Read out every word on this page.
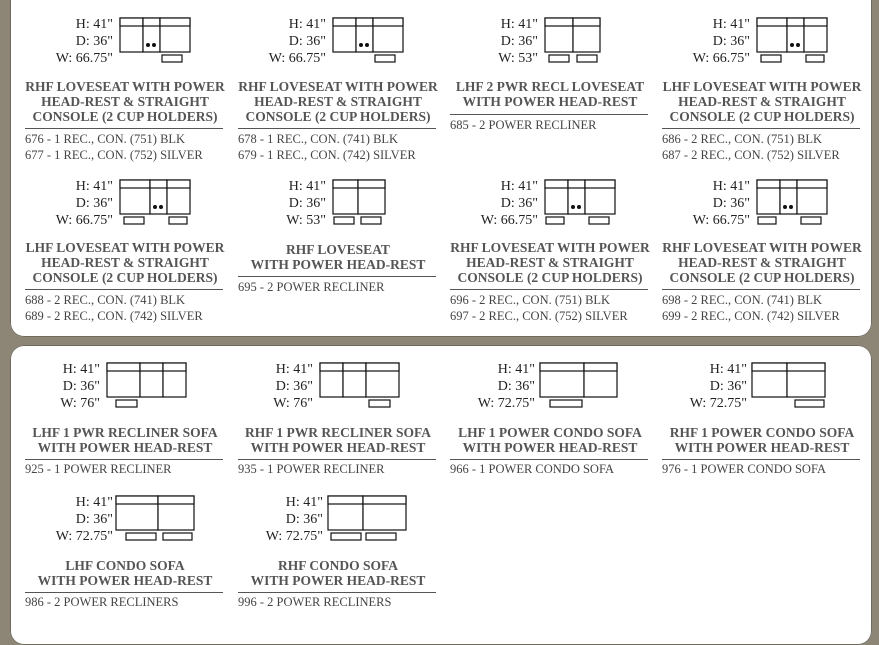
H: 41"
D: 36"
W: 66.75"
RHF LOVESEAT WITH POWER
HEAD-REST & STRAIGHT
CONSOLE (2 CUP HOLDERS)
676 - 1 REC., CON. (751) BLK
677 - 1 REC., CON. (752) SILVER
H: 41"
D: 36"
W: 66.75"
RHF LOVESEAT WITH POWER
HEAD-REST & STRAIGHT
CONSOLE (2 CUP HOLDERS)
678 - 1 REC., CON. (741) BLK
679 - 1 REC., CON. (742) SILVER
H: 41"
D: 36"
W: 53"
LHF 2 PWR RECL LOVESEAT
WITH POWER HEAD-REST
685 - 2 POWER RECLINER
H: 41"
D: 36"
W: 66.75"
LHF LOVESEAT WITH POWER
HEAD-REST & STRAIGHT
CONSOLE (2 CUP HOLDERS)
686 - 2 REC., CON. (751) BLK
687 - 2 REC., CON. (752) SILVER
H: 41"
D: 36"
W: 66.75"
LHF LOVESEAT WITH POWER
HEAD-REST & STRAIGHT
CONSOLE (2 CUP HOLDERS)
688 - 2 REC., CON. (741) BLK
689 - 2 REC., CON. (742) SILVER
H: 41"
D: 36"
W: 53"
RHF LOVESEAT
WITH POWER HEAD-REST
695 - 2 POWER RECLINER
H: 41"
D: 36"
W: 66.75"
RHF LOVESEAT WITH POWER
HEAD-REST & STRAIGHT
CONSOLE (2 CUP HOLDERS)
696 - 2 REC., CON. (751) BLK
697 - 2 REC., CON. (752) SILVER
H: 41"
D: 36"
W: 66.75"
RHF LOVESEAT WITH POWER
HEAD-REST & STRAIGHT
CONSOLE (2 CUP HOLDERS)
698 - 2 REC., CON. (741) BLK
699 - 2 REC., CON. (742) SILVER
H: 41"
D: 36"
W: 76"
LHF 1 PWR RECLINER SOFA
WITH POWER HEAD-REST
925 - 1 POWER RECLINER
H: 41"
D: 36"
W: 76"
RHF 1 PWR RECLINER SOFA
WITH POWER HEAD-REST
935 - 1 POWER RECLINER
H: 41"
D: 36"
W: 72.75"
LHF 1 POWER CONDO SOFA
WITH POWER HEAD-REST
966 - 1 POWER CONDO SOFA
H: 41"
D: 36"
W: 72.75"
RHF 1 POWER CONDO SOFA
WITH POWER HEAD-REST
976 - 1 POWER CONDO SOFA
H: 41"
D: 36"
W: 72.75"
LHF CONDO SOFA
WITH POWER HEAD-REST
986 - 2 POWER RECLINERS
H: 41"
D: 36"
W: 72.75"
RHF CONDO SOFA
WITH POWER HEAD-REST
996 - 2 POWER RECLINERS
